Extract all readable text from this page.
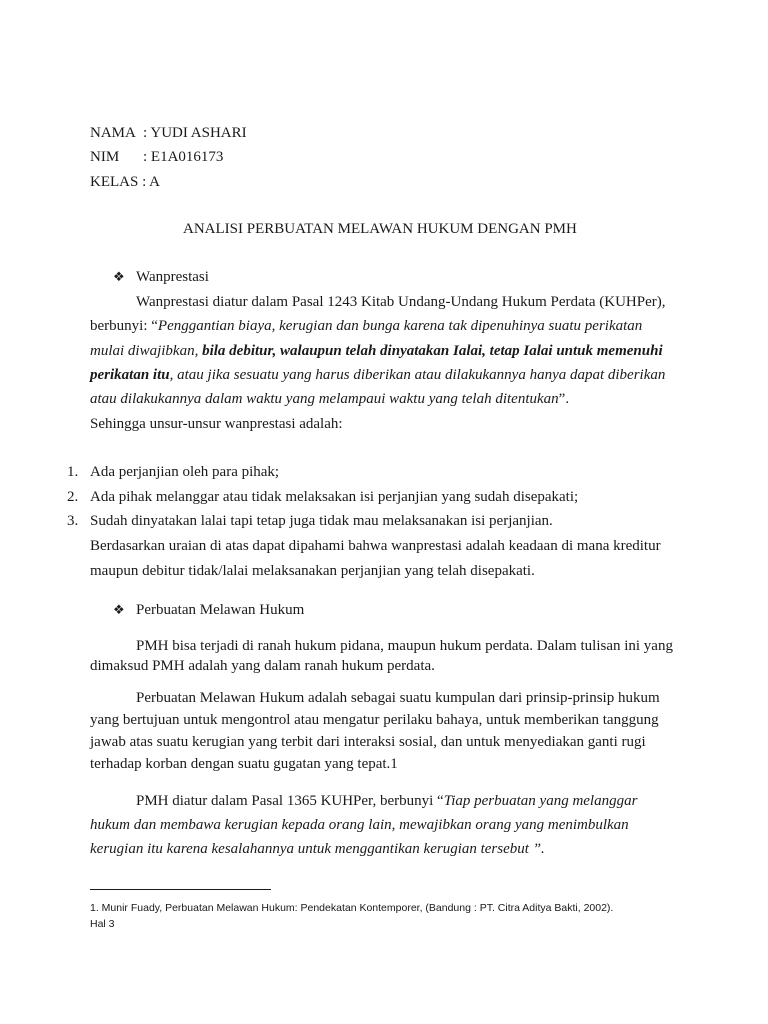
NAMA : YUDI ASHARI
NIM : E1A016173
KELAS : A
ANALISI PERBUATAN MELAWAN HUKUM DENGAN PMH
❖ Wanprestasi
Wanprestasi diatur dalam Pasal 1243 Kitab Undang-Undang Hukum Perdata (KUHPer),
berbunyi: “Penggantian biaya, kerugian dan bunga karena tak dipenuhinya suatu perikatan
mulai diwajibkan, bila debitur, walaupun telah dinyatakan Ialai, tetap Ialai untuk memenuhi
perikatan itu, atau jika sesuatu yang harus diberikan atau dilakukannya hanya dapat diberikan
atau dilakukannya dalam waktu yang melampaui waktu yang telah ditentukan”.
Sehingga unsur-unsur wanprestasi adalah:
1. Ada perjanjian oleh para pihak;
2. Ada pihak melanggar atau tidak melaksakan isi perjanjian yang sudah disepakati;
3. Sudah dinyatakan lalai tapi tetap juga tidak mau melaksanakan isi perjanjian.
Berdasarkan uraian di atas dapat dipahami bahwa wanprestasi adalah keadaan di mana kreditur
maupun debitur tidak/lalai melaksanakan perjanjian yang telah disepakati.
❖ Perbuatan Melawan Hukum
PMH bisa terjadi di ranah hukum pidana, maupun hukum perdata. Dalam tulisan ini yang
dimaksud PMH adalah yang dalam ranah hukum perdata.
Perbuatan Melawan Hukum adalah sebagai suatu kumpulan dari prinsip-prinsip hukum
yang bertujuan untuk mengontrol atau mengatur perilaku bahaya, untuk memberikan tanggung
jawab atas suatu kerugian yang terbit dari interaksi sosial, dan untuk menyediakan ganti rugi
terhadap korban dengan suatu gugatan yang tepat.1
PMH diatur dalam Pasal 1365 KUHPer, berbunyi “Tiap perbuatan yang melanggar
hukum dan membawa kerugian kepada orang lain, mewajibkan orang yang menimbulkan
kerugian itu karena kesalahannya untuk menggantikan kerugian tersebut ”.
1. Munir Fuady, Perbuatan Melawan Hukum: Pendekatan Kontemporer, (Bandung : PT. Citra Aditya Bakti, 2002).
Hal 3
